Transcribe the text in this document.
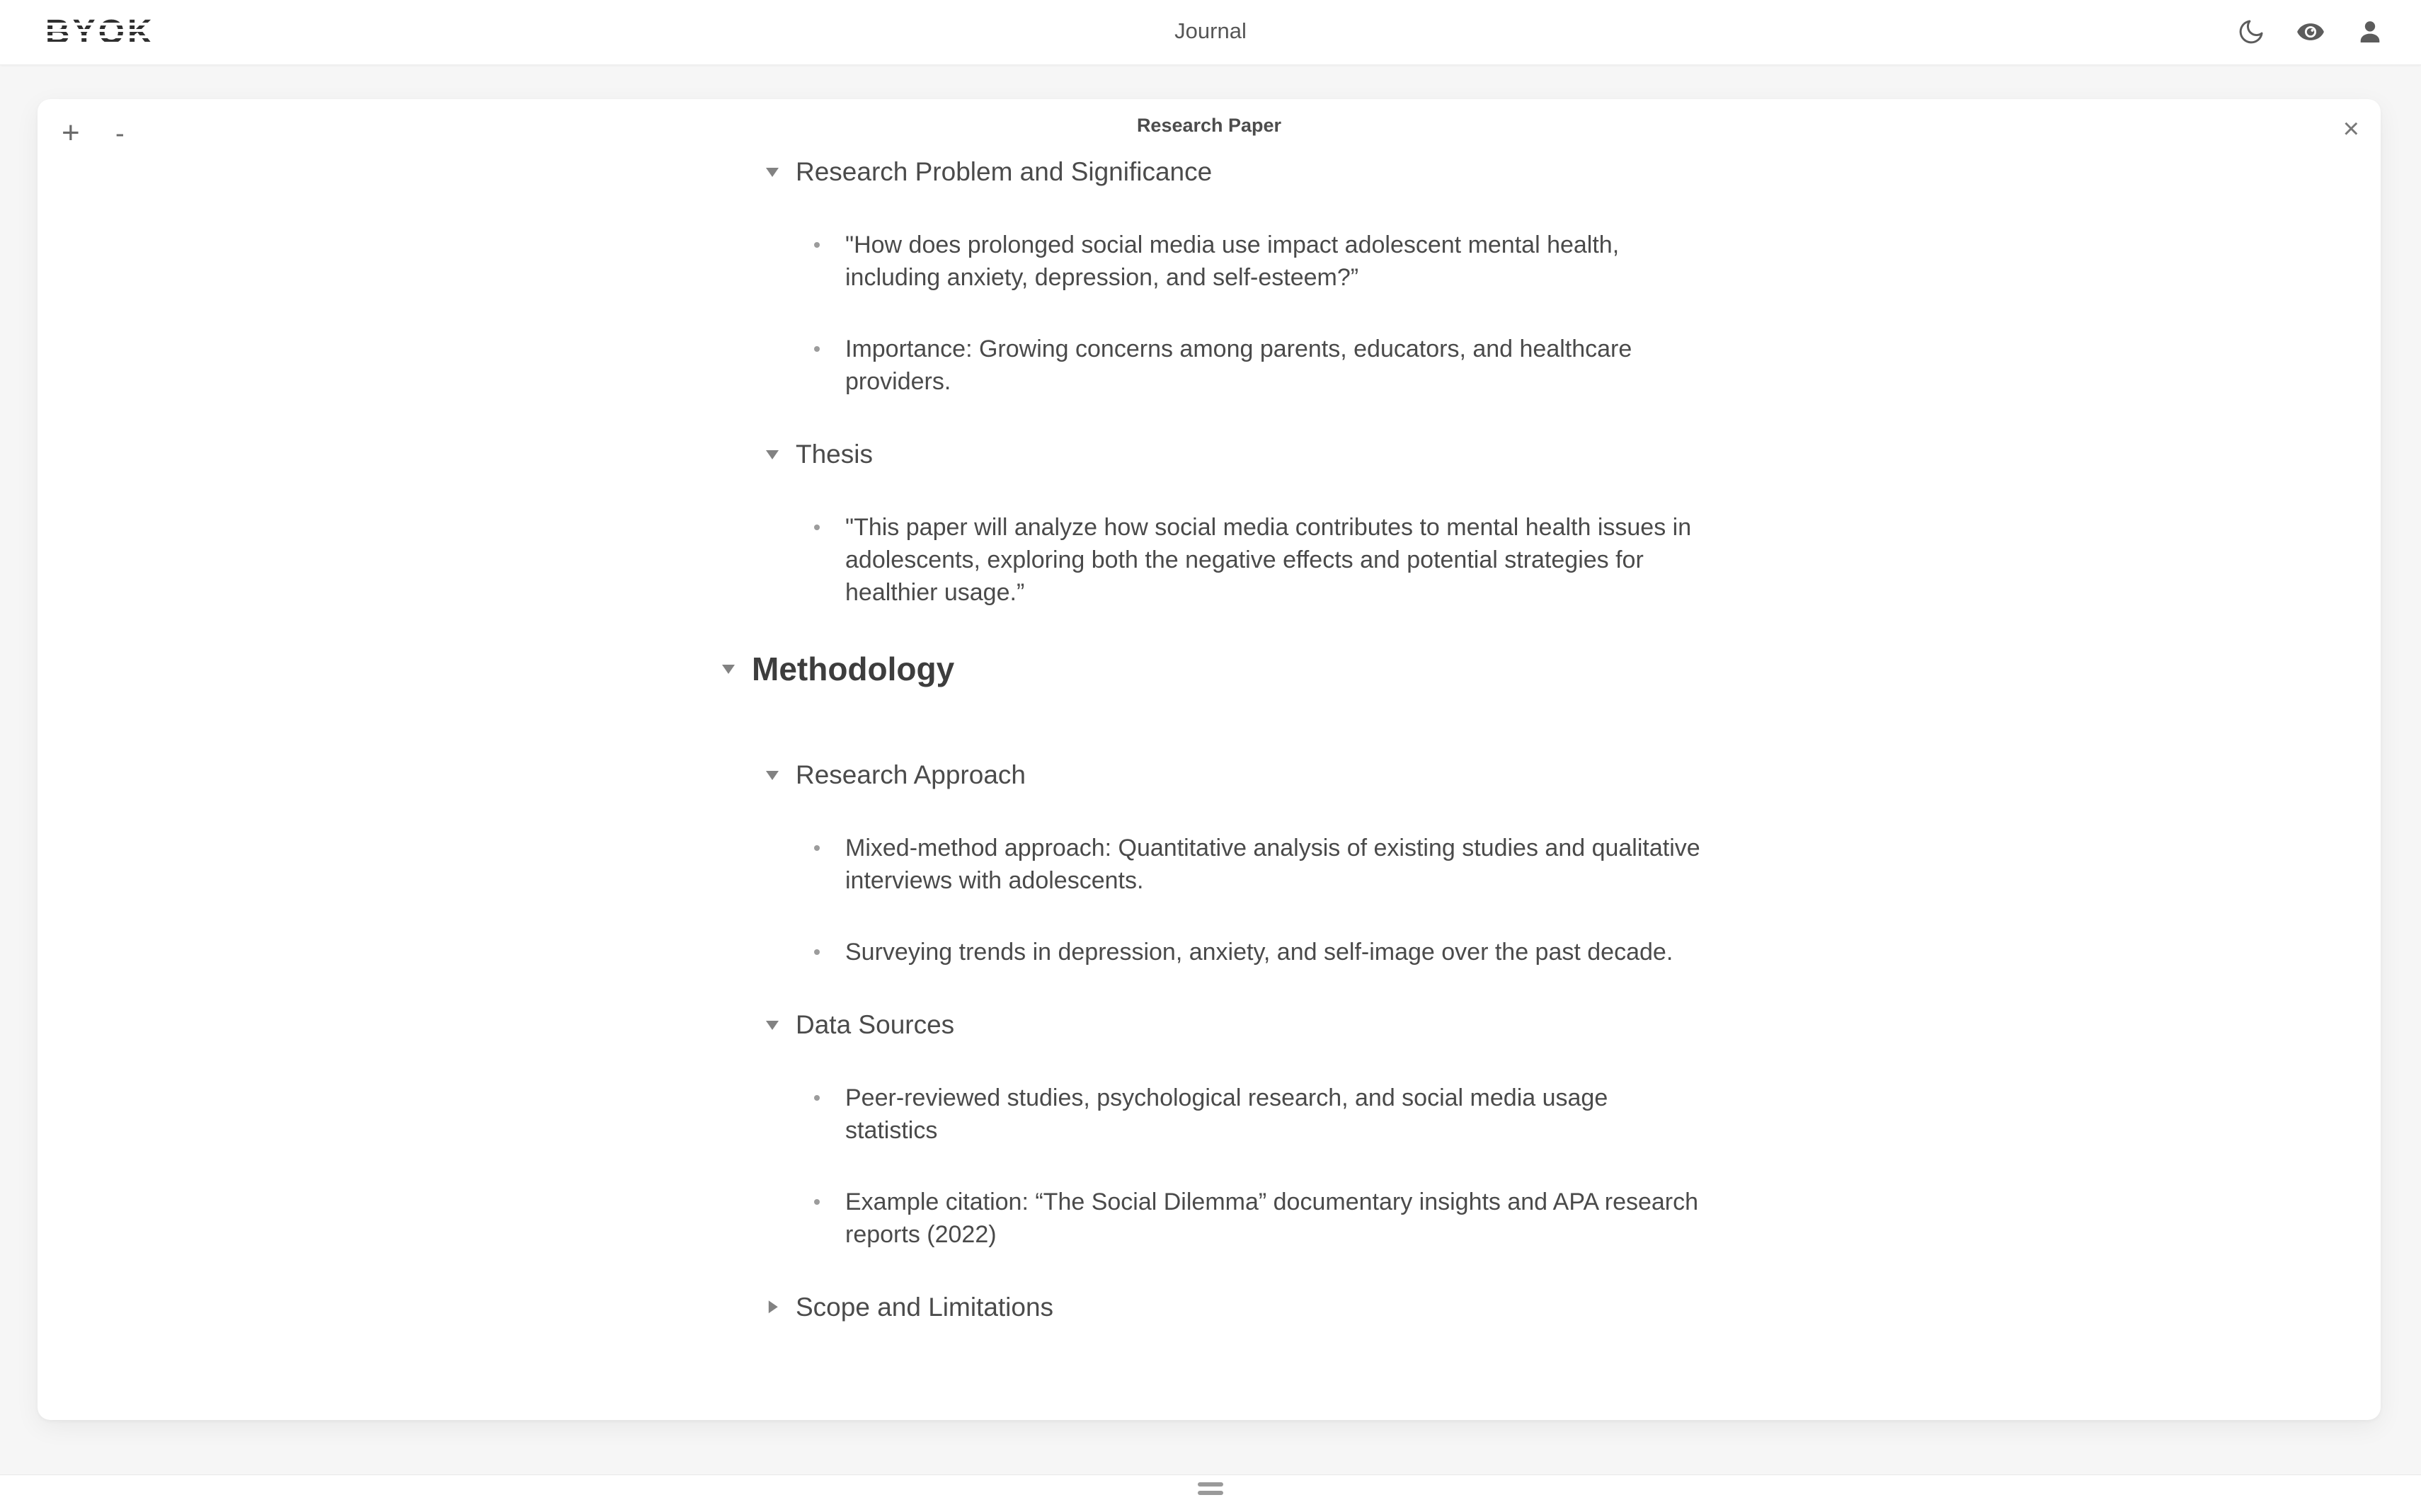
BYOK	Journal
+ -	Research Paper	×
Research Problem and Significance
"How does prolonged social media use impact adolescent mental health, including anxiety, depression, and self-esteem?”
Importance: Growing concerns among parents, educators, and healthcare providers.
Thesis
"This paper will analyze how social media contributes to mental health issues in adolescents, exploring both the negative effects and potential strategies for healthier usage.”
Methodology
Research Approach
Mixed-method approach: Quantitative analysis of existing studies and qualitative interviews with adolescents.
Surveying trends in depression, anxiety, and self-image over the past decade.
Data Sources
Peer-reviewed studies, psychological research, and social media usage statistics
Example citation: “The Social Dilemma” documentary insights and APA research reports (2022)
Scope and Limitations
